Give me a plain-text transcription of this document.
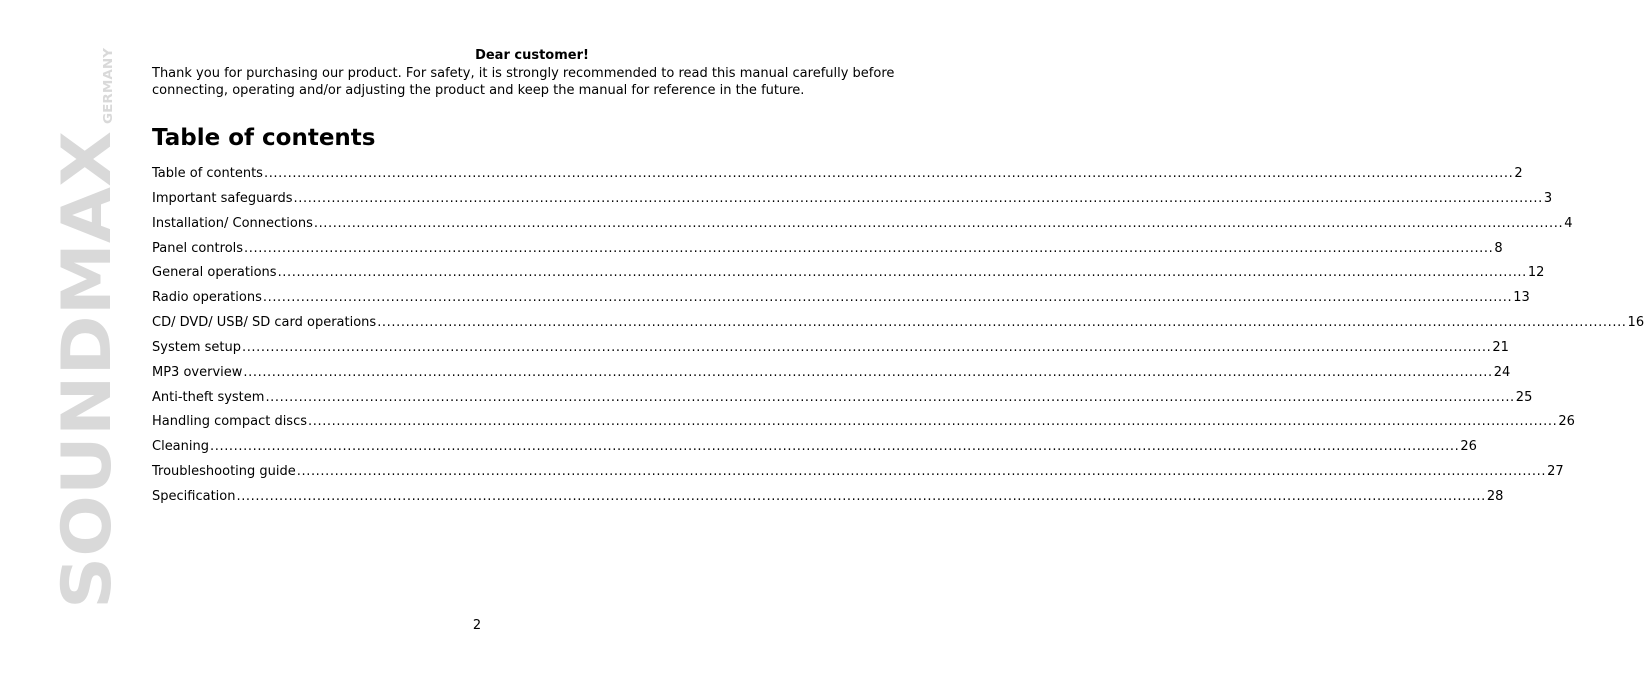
SOUNDMAX
GERMANY

Dear customer!

Thank you for purchasing our product. For safety, it is strongly recommended to read this manual carefully before connecting, operating and/or adjusting the product and keep the manual for reference in the future.

Table of contents
Table of contents .....	2
Important safeguards .....	3
Installation/ Connections .....	4
Panel controls .....	8
General operations .....	12
Radio operations .....	13
CD/ DVD/ USB/ SD card operations .....	16
System setup .....	21
MP3 overview .....	24
Anti-theft system .....	25
Handling compact discs .....	26
Cleaning .....	26
Troubleshooting guide .....	27
Specification .....	28
2
